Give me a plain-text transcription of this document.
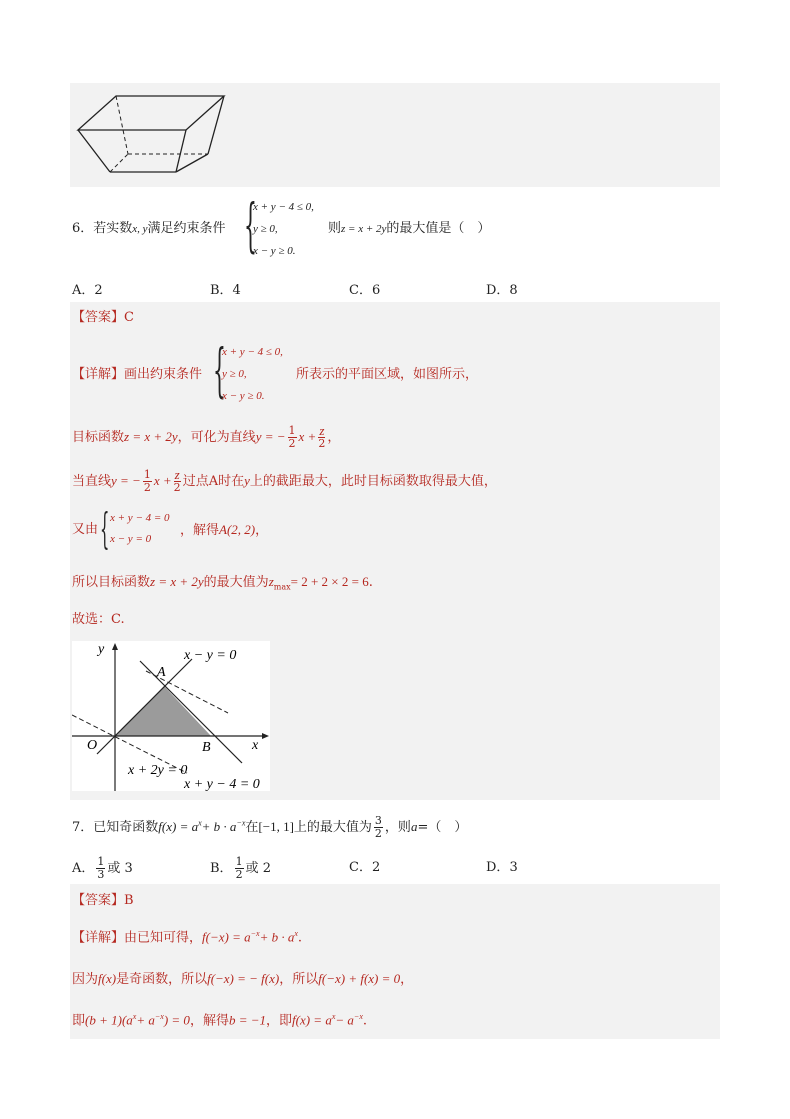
6．若实数x, y满足约束条件 {
x + y − 4 ≤ 0,
y ≥ 0,
x − y ≥ 0.
则z = x + 2y的最大值是（　）
A．2	B．4	C．6	D．8
【答案】C
【详解】画出约束条件 {
x + y − 4 ≤ 0,
y ≥ 0,
x − y ≥ 0.
所表示的平面区域，如图所示，
目标函数z = x + 2y，可化为直线y = − $\frac{1}{2}$ $x + \frac{z}{2}$ ，
当直线y = − $\frac{1}{2}$ $x + \frac{z}{2}$ 过点A时在y上的截距最大，此时目标函数取得最大值，
又由 { x + y − 4 = 0
x − y = 0
，解得A(2, 2)，
所以目标函数z = x + 2y的最大值为$z_{max}= 2 + 2 \times 2 = 6$.
故选：C.
y
x
O
A
B
x − y = 0
x + 2y = 0
x + y − 4 = 0
7．已知奇函数$f(x) = a^x+ b \cdot a^{-x}$在[−1, 1]上的最大值为 $\frac{3}{2}$ ，则a=（　）
A． $\frac{1}{3}$ 或 3	B． $\frac{1}{2}$ 或 2	C．2	D．3
【答案】B
【详解】由已知可得，$f(-x) = a^{-x}+ b \cdot a^x$.
因为f(x)是奇函数，所以f(−x) = − f(x)，所以f(−x) + f(x) = 0，
即$(b + 1)(a^x+ a^{-x}) = 0$，解得b = −1，即$f(x) = a^x- a^{-x}$.
